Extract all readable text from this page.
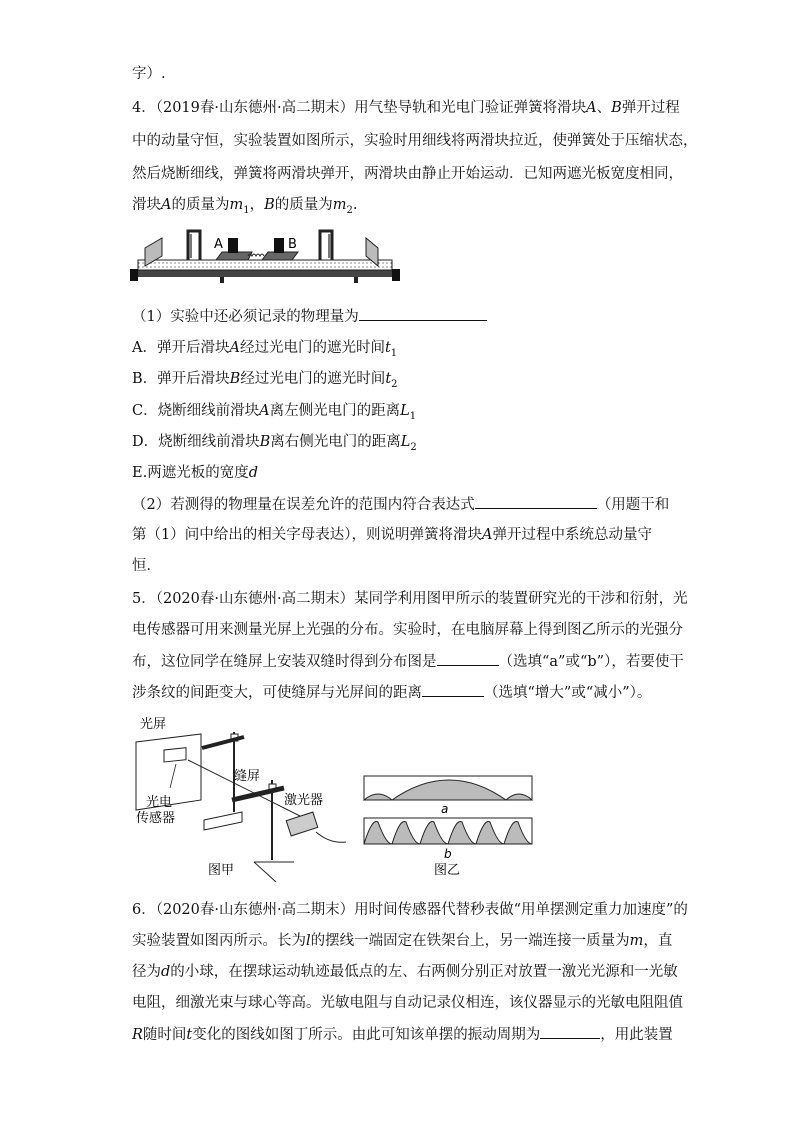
字）.
4．（2019春·山东德州·高二期末）用气垫导轨和光电门验证弹簧将滑块A、B弹开过程
中的动量守恒，实验装置如图所示，实验时用细线将两滑块拉近，使弹簧处于压缩状态，
然后烧断细线，弹簧将两滑块弹开，两滑块由静止开始运动．已知两遮光板宽度相同，
滑块A的质量为$m_1$，B的质量为$m_2$.
A	B
（1）实验中还必须记录的物理量为
A．弹开后滑块A经过光电门的遮光时间$t_1$
B．弹开后滑块B经过光电门的遮光时间$t_2$
C．烧断细线前滑块A离左侧光电门的距离$L_1$
D．烧断细线前滑块B离右侧光电门的距离$L_2$
E.两遮光板的宽度d
（2）若测得的物理量在误差允许的范围内符合表达式	（用题干和
第（1）问中给出的相关字母表达），则说明弹簧将滑块A弹开过程中系统总动量守
恒．
5．（2020春·山东德州·高二期末）某同学利用图甲所示的装置研究光的干涉和衍射，光
电传感器可用来测量光屏上光强的分布。实验时，在电脑屏幕上得到图乙所示的光强分
布，这位同学在缝屏上安装双缝时得到分布图是	（选填“a”或“b”），若要使干
涉条纹的间距变大，可使缝屏与光屏间的距离	（选填“增大”或“减小”）。
光屏
光电
传感器
缝屏
激光器
图甲
a
b
图乙
6．（2020春·山东德州·高二期末）用时间传感器代替秒表做“用单摆测定重力加速度”的
实验装置如图丙所示。长为l的摆线一端固定在铁架台上，另一端连接一质量为m，直
径为d的小球，在摆球运动轨迹最低点的左、右两侧分别正对放置一激光光源和一光敏
电阻，细激光束与球心等高。光敏电阻与自动记录仪相连，该仪器显示的光敏电阻阻值
R随时间t变化的图线如图丁所示。由此可知该单摆的振动周期为	，用此装置
